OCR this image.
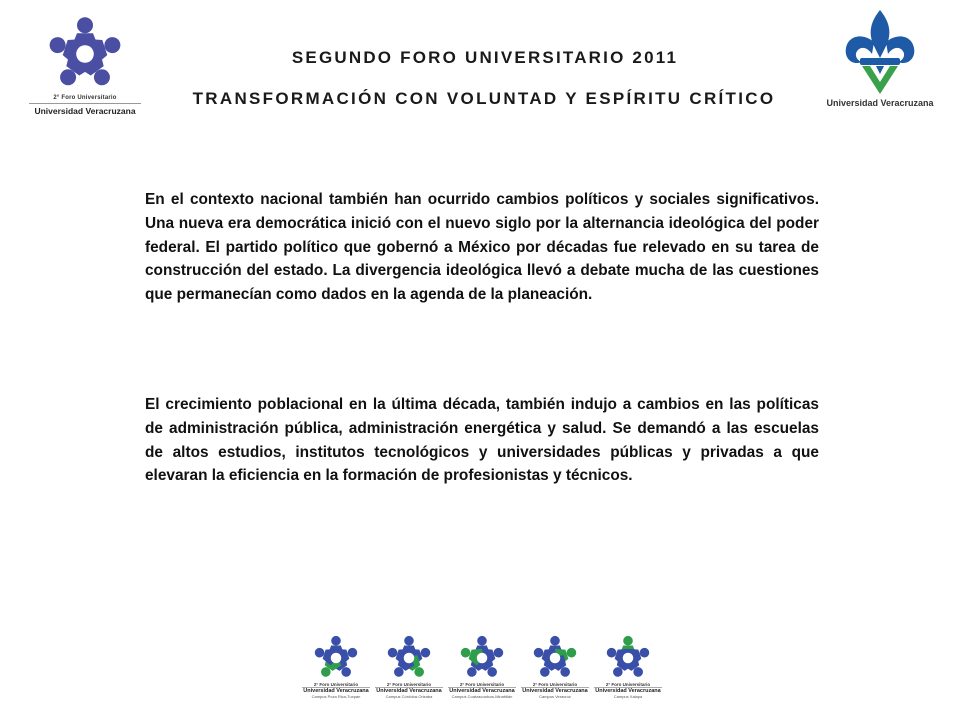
2° Foro Universitario
Universidad Veracruzana
SEGUNDO FORO UNIVERSITARIO 2011
TRANSFORMACIÓN CON VOLUNTAD Y ESPÍRITU CRÍTICO	Universidad Veracruzana
En el contexto nacional también han ocurrido cambios políticos y sociales significativos. Una nueva era democrática inició con el nuevo siglo por la alternancia ideológica del poder federal. El partido político que gobernó a México por décadas fue relevado en su tarea de construcción del estado. La divergencia ideológica llevó a debate mucha de las cuestiones que permanecían como dados en la agenda de la planeación.
El crecimiento poblacional en la última década, también indujo a cambios en las políticas de administración pública, administración energética y salud. Se demandó a las escuelas de altos estudios, institutos tecnológicos y universidades públicas y privadas a que elevaran la eficiencia en la formación de profesionistas y técnicos.
2° Foro Universitario
Universidad Veracruzana
Campus Poza Rica-Tuxpan
2° Foro Universitario
Universidad Veracruzana
Campus Córdoba-Orizaba
2° Foro Universitario
Universidad Veracruzana
Campus Coatzacoalcos-Minatitlán
2° Foro Universitario
Universidad Veracruzana
Campus Veracruz
2° Foro Universitario
Universidad Veracruzana
Campus Xalapa
